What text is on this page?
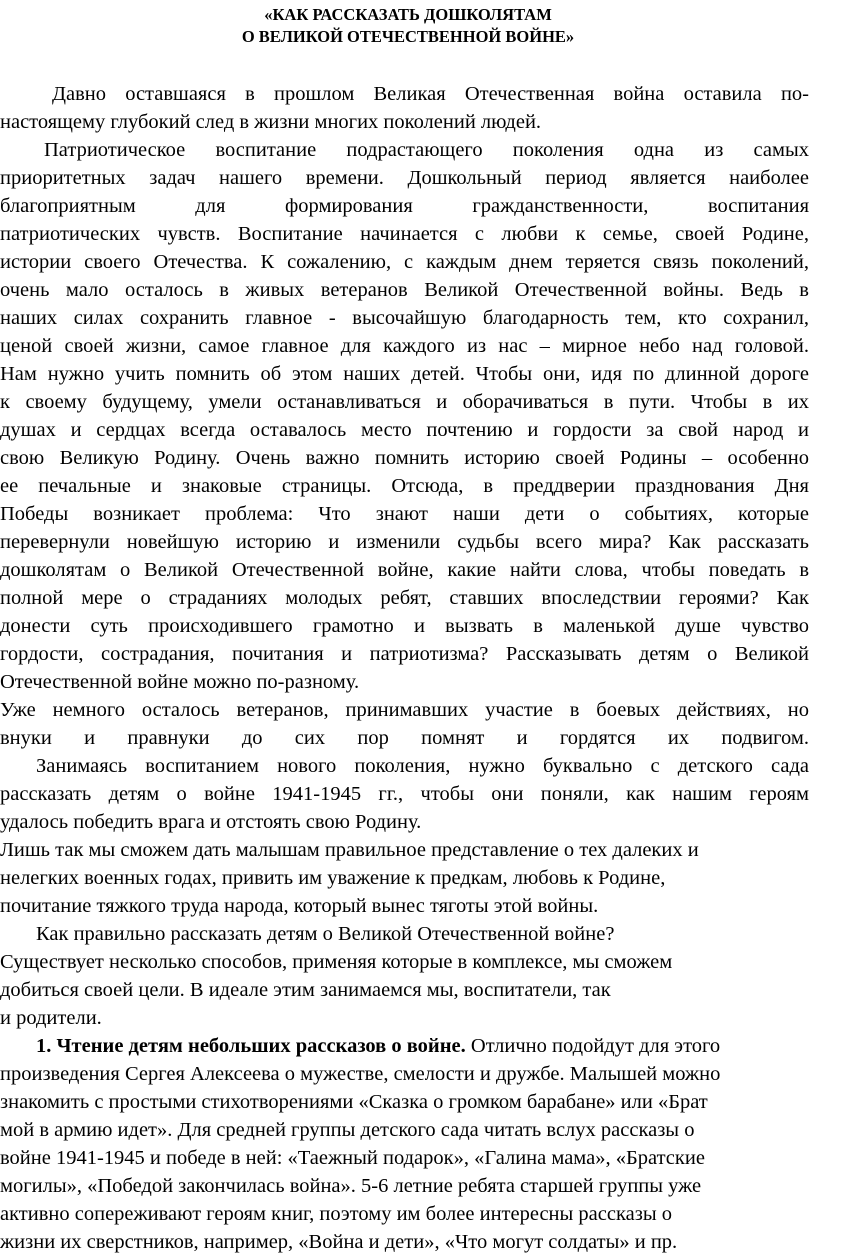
«КАК РАССКАЗАТЬ ДОШКОЛЯТАМ
О ВЕЛИКОЙ ОТЕЧЕСТВЕННОЙ ВОЙНЕ»
Давно оставшаяся в прошлом Великая Отечественная война оставила по-
настоящему глубокий след в жизни многих поколений людей.
Патриотическое воспитание подрастающего поколения одна из самых
приоритетных задач нашего времени. Дошкольный период является наиболее
благоприятным для формирования гражданственности, воспитания
патриотических чувств. Воспитание начинается с любви к семье, своей Родине,
истории своего Отечества. К сожалению, с каждым днем теряется связь поколений,
очень мало осталось в живых ветеранов Великой Отечественной войны. Ведь в
наших силах сохранить главное - высочайшую благодарность тем, кто сохранил,
ценой своей жизни, самое главное для каждого из нас – мирное небо над головой.
Нам нужно учить помнить об этом наших детей. Чтобы они, идя по длинной дороге
к своему будущему, умели останавливаться и оборачиваться в пути. Чтобы в их
душах и сердцах всегда оставалось место почтению и гордости за свой народ и
свою Великую Родину. Очень важно помнить историю своей Родины – особенно
ее печальные и знаковые страницы. Отсюда, в преддверии празднования Дня
Победы возникает проблема: Что знают наши дети о событиях, которые
перевернули новейшую историю и изменили судьбы всего мира? Как рассказать
дошколятам о Великой Отечественной войне, какие найти слова, чтобы поведать в
полной мере о страданиях молодых ребят, ставших впоследствии героями? Как
донести суть происходившего грамотно и вызвать в маленькой душе чувство
гордости, сострадания, почитания и патриотизма? Рассказывать детям о Великой
Отечественной войне можно по-разному.
Уже немного осталось ветеранов, принимавших участие в боевых действиях, но
внуки и правнуки до сих пор помнят и гордятся их подвигом.
Занимаясь воспитанием нового поколения, нужно буквально с детского сада
рассказать детям о войне 1941-1945 гг., чтобы они поняли, как нашим героям
удалось победить врага и отстоять свою Родину.
Лишь так мы сможем дать малышам правильное представление о тех далеких и
нелегких военных годах, привить им уважение к предкам, любовь к Родине,
почитание тяжкого труда народа, который вынес тяготы этой войны.
Как правильно рассказать детям о Великой Отечественной войне?
Существует несколько способов, применяя которые в комплексе, мы сможем
добиться своей цели. В идеале этим занимаемся мы, воспитатели, так
и родители.
1. Чтение детям небольших рассказов о войне. Отлично подойдут для этого
произведения Сергея Алексеева о мужестве, смелости и дружбе. Малышей можно
знакомить с простыми стихотворениями «Сказка о громком барабане» или «Брат
мой в армию идет». Для средней группы детского сада читать вслух рассказы о
войне 1941-1945 и победе в ней: «Таежный подарок», «Галина мама», «Братские
могилы», «Победой закончилась война». 5-6 летние ребята старшей группы уже
активно сопереживают героям книг, поэтому им более интересны рассказы о
жизни их сверстников, например, «Война и дети», «Что могут солдаты» и пр.
